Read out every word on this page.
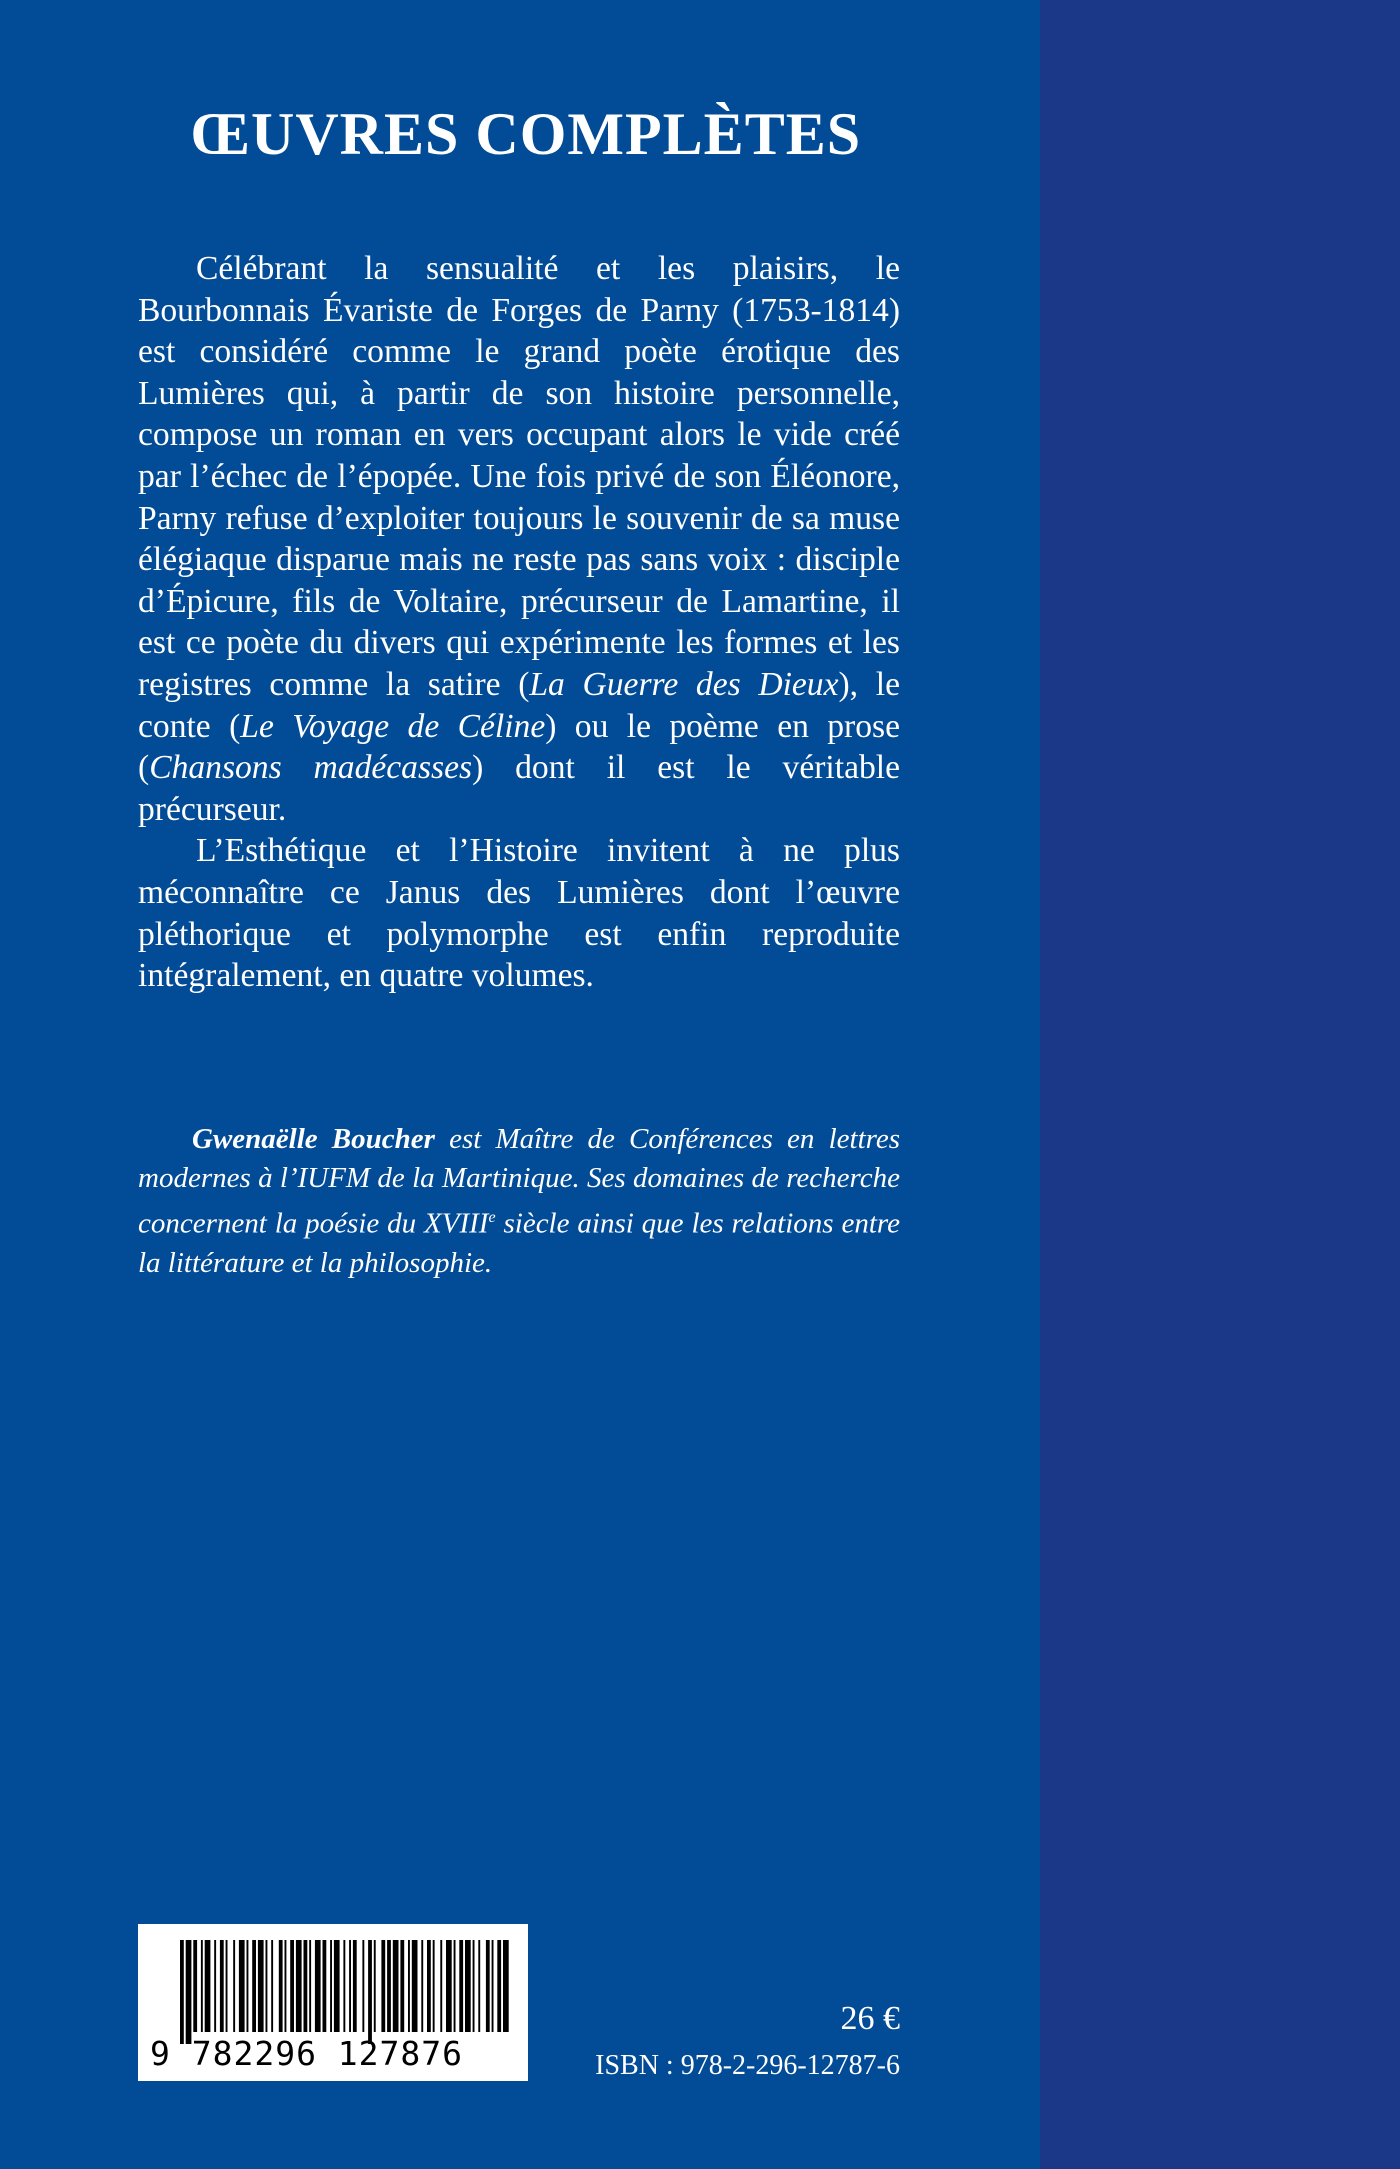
ŒUVRES COMPLÈTES

Célébrant la sensualité et les plaisirs, le Bourbonnais Évariste de Forges de Parny (1753-1814) est considéré comme le grand poète érotique des Lumières qui, à partir de son histoire personnelle, compose un roman en vers occupant alors le vide créé par l’échec de l’épopée. Une fois privé de son Éléonore, Parny refuse d’exploiter toujours le souvenir de sa muse élégiaque disparue mais ne reste pas sans voix : disciple d’Épicure, fils de Voltaire, précurseur de Lamartine, il est ce poète du divers qui expérimente les formes et les registres comme la satire (La Guerre des Dieux), le conte (Le Voyage de Céline) ou le poème en prose (Chansons madécasses) dont il est le véritable précurseur.

L’Esthétique et l’Histoire invitent à ne plus méconnaître ce Janus des Lumières dont l’œuvre pléthorique et polymorphe est enfin reproduite intégralement, en quatre volumes.

Gwenaëlle Boucher est Maître de Conférences en lettres modernes à l’IUFM de la Martinique. Ses domaines de recherche concernent la poésie du XVIIIe siècle ainsi que les relations entre la littérature et la philosophie.

9 782296 127876
26 €
ISBN : 978-2-296-12787-6
